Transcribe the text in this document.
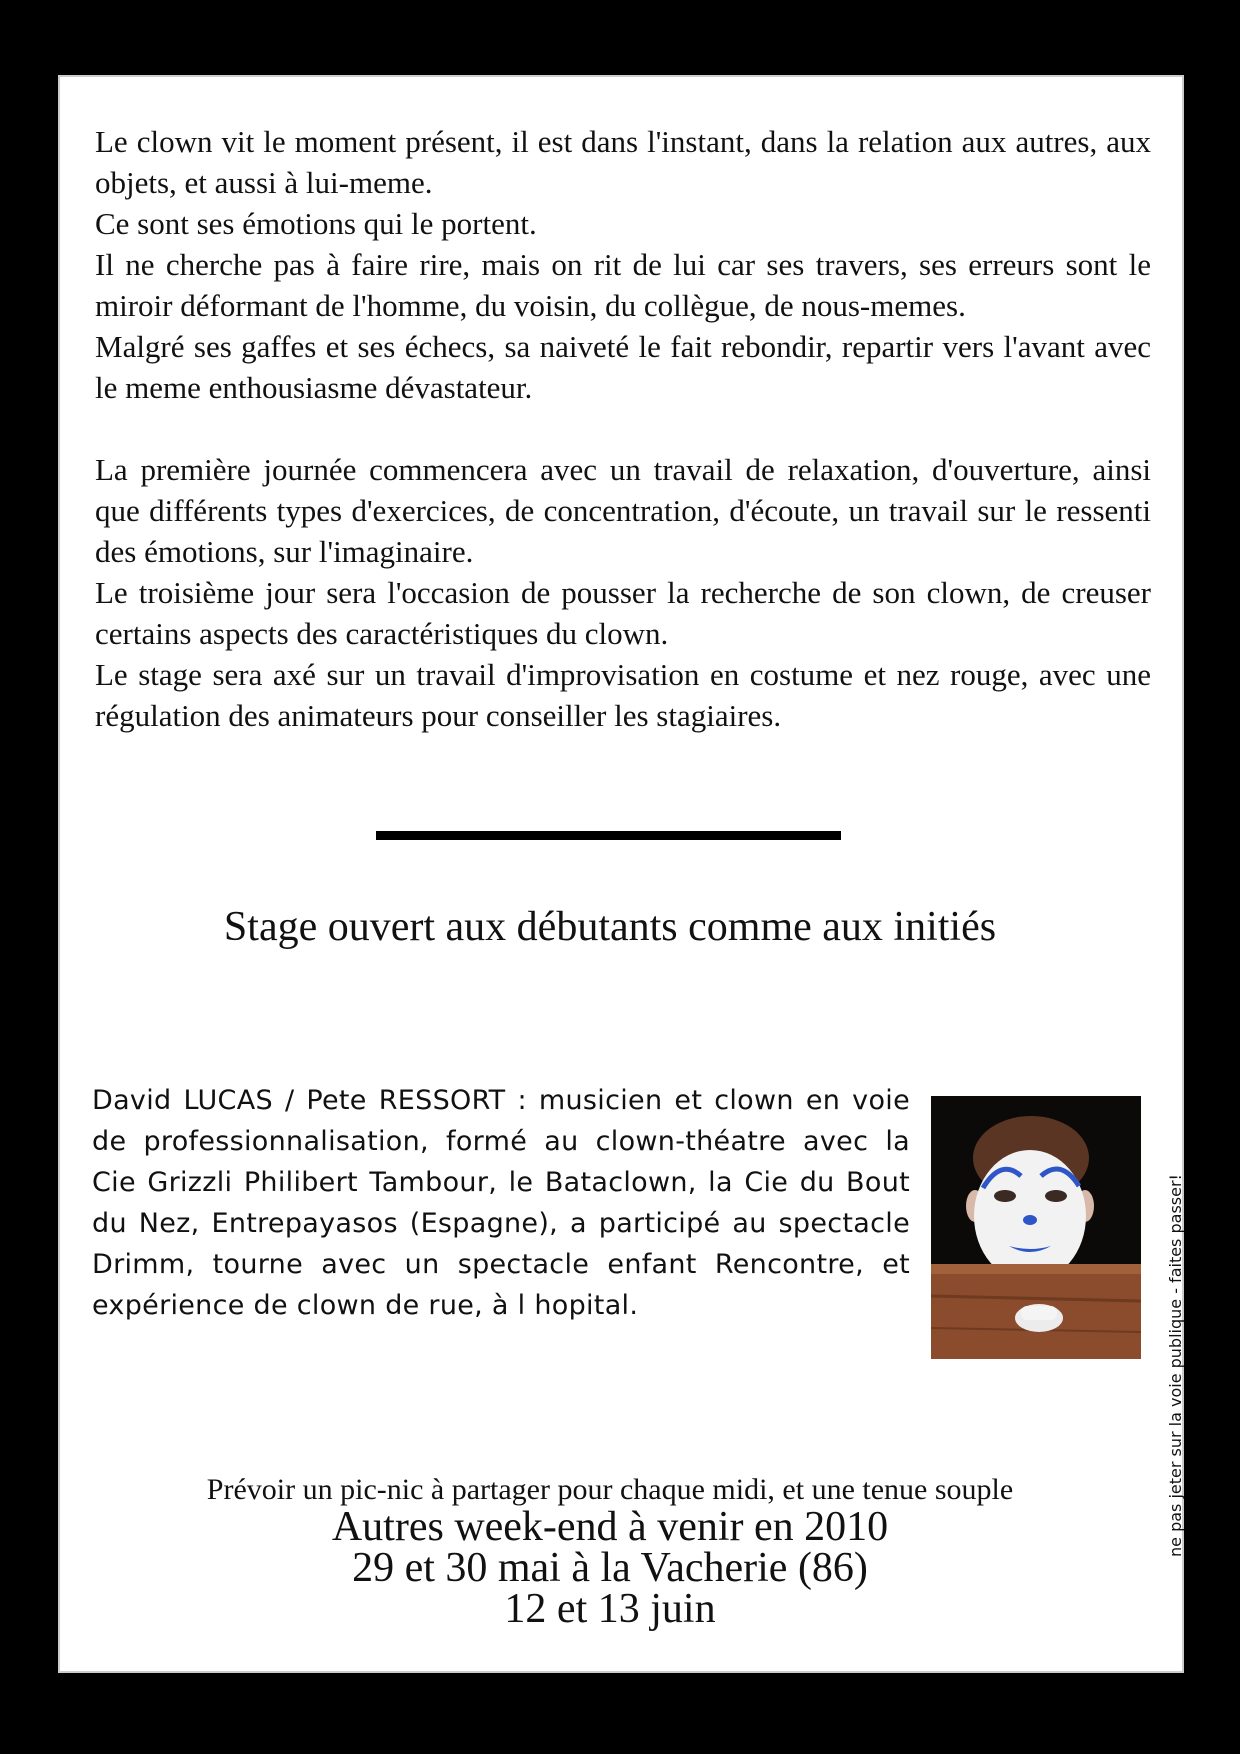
Le clown vit le moment présent, il est dans l'instant, dans la relation aux autres, aux objets, et aussi à lui-meme.

Ce sont ses émotions qui le portent.

Il ne cherche pas à faire rire, mais on rit de lui car ses travers, ses erreurs sont le miroir déformant de l'homme, du voisin, du collègue, de nous-memes.

Malgré ses gaffes et ses échecs, sa naiveté le fait rebondir, repartir vers l'avant avec le meme enthousiasme dévastateur.

La première journée commencera avec un travail de relaxation, d'ouverture, ainsi que différents types d'exercices, de concentration, d'écoute, un travail sur le ressenti des émotions, sur l'imaginaire.

Le troisième jour sera l'occasion de pousser la recherche de son clown, de creuser certains aspects des caractéristiques du clown.

Le stage sera axé sur un travail d'improvisation en costume et nez rouge, avec une régulation des animateurs pour conseiller les stagiaires.

Stage ouvert aux débutants comme aux initiés
David LUCAS / Pete RESSORT : musicien et clown en voie de professionnalisation, formé au clown-théatre avec la Cie Grizzli Philibert Tambour, le Bataclown, la Cie du Bout du Nez, Entrepayasos (Espagne), a participé au spectacle Drimm, tourne avec un spectacle enfant Rencontre, et expérience de clown de rue, à l hopital.	ne pas jeter sur la voie publique - faites passer!
Prévoir un pic-nic à partager pour chaque midi, et une tenue souple
Autres week-end à venir en 2010
29 et 30 mai à la Vacherie (86)
12 et 13 juin
